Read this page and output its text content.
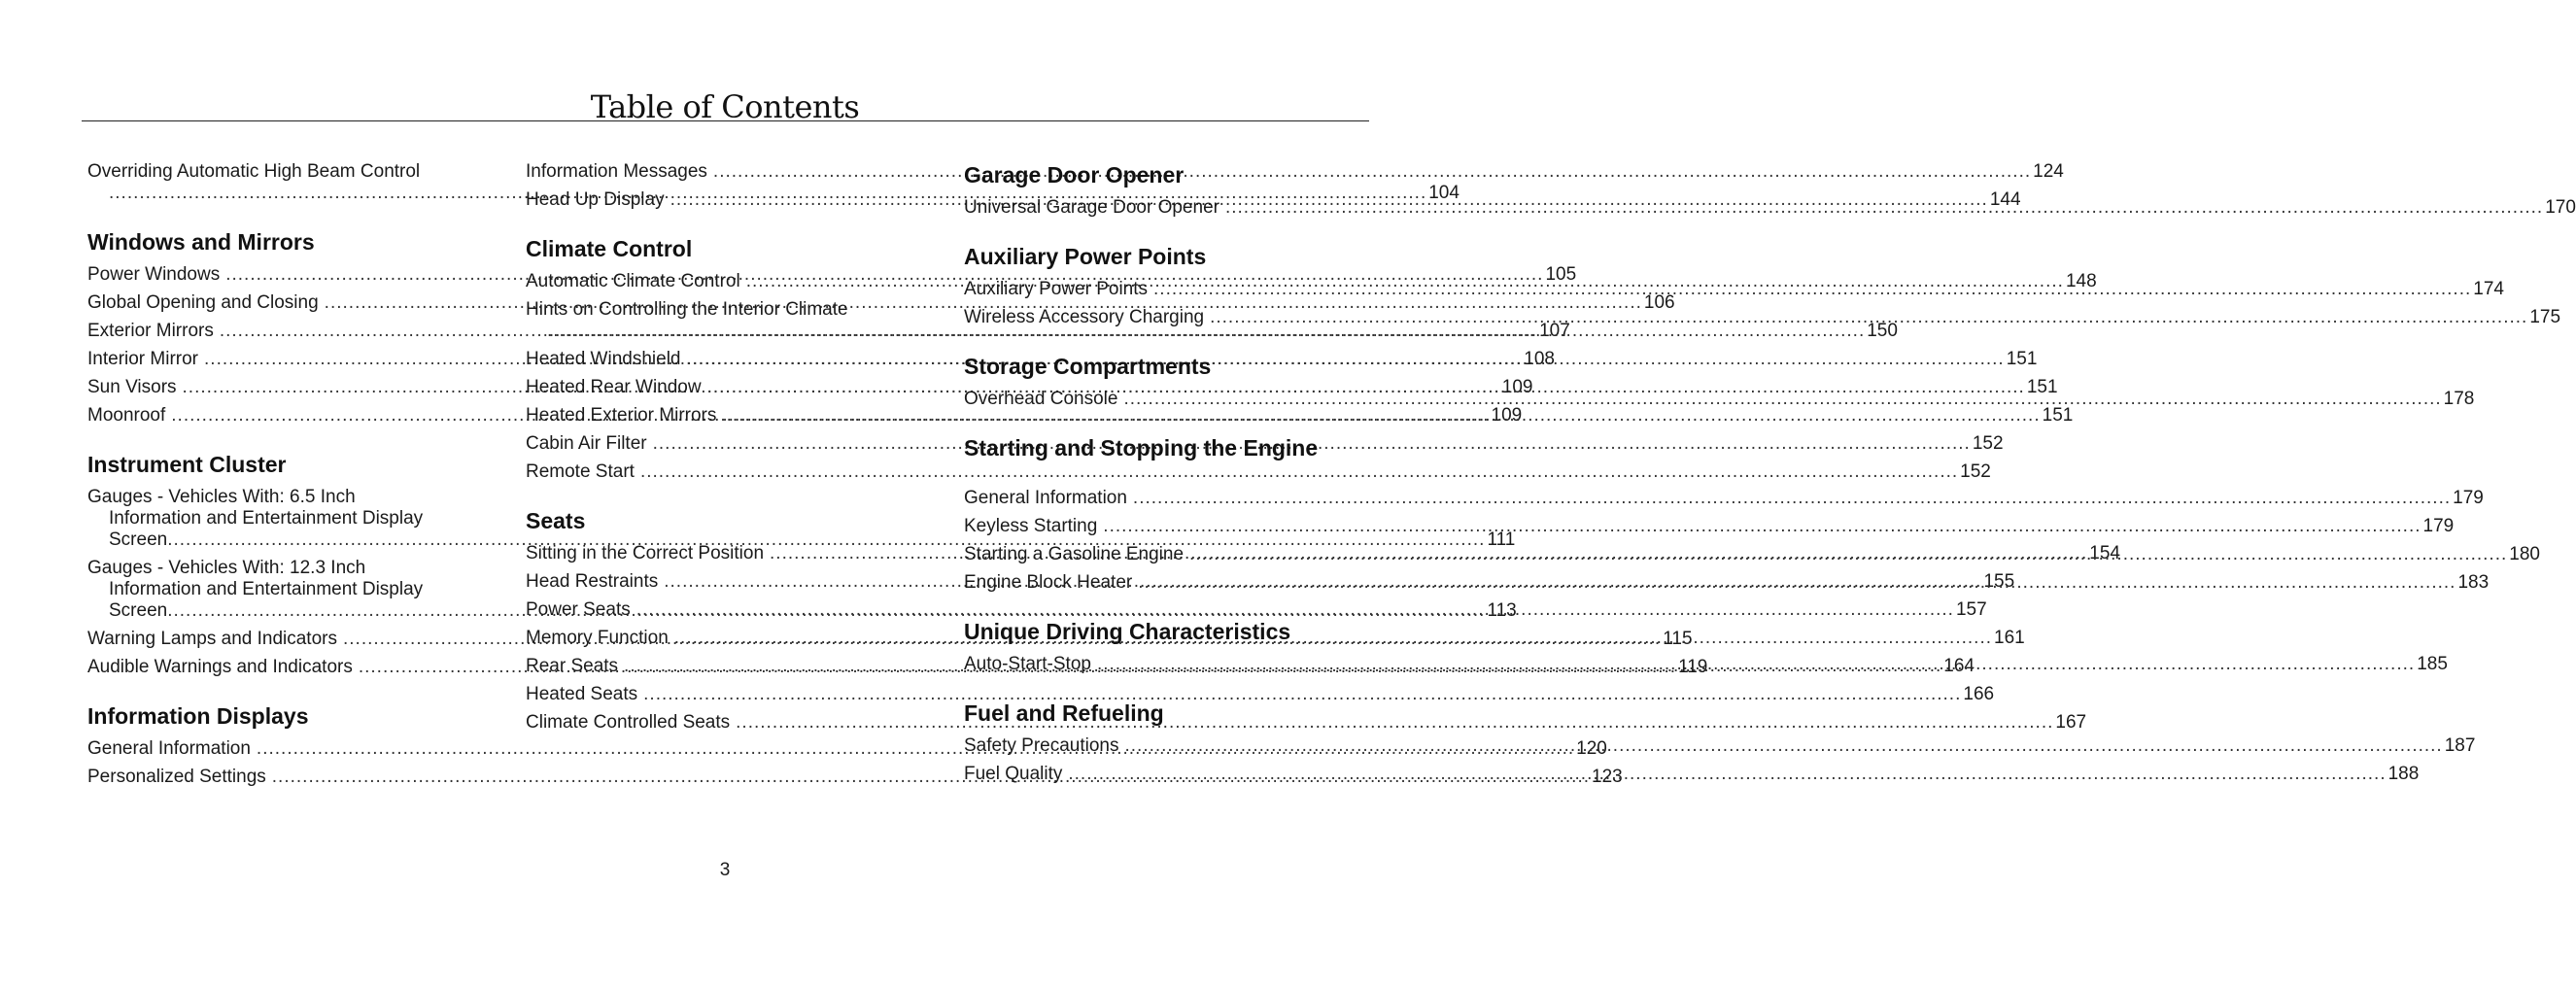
Table of Contents
Overriding Automatic High Beam Control
.....104
Windows and Mirrors
Power Windows .....	105
Global Opening and Closing .....	106
Exterior Mirrors .....	107
Interior Mirror .....	108
Sun Visors .....	109
Moonroof .....	109
Instrument Cluster
Gauges - Vehicles With: 6.5 Inch
Information and Entertainment Display
Screen .....	111
Gauges - Vehicles With: 12.3 Inch
Information and Entertainment Display
Screen .....	113
Warning Lamps and Indicators .....	115
Audible Warnings and Indicators .....	119
Information Displays
General Information .....	120
Personalized Settings .....	123
Information Messages .....	124
Head Up Display .....	144
Climate Control
Automatic Climate Control .....	148
Hints on Controlling the Interior Climate
.....150
Heated Windshield .....	151
Heated Rear Window .....	151
Heated Exterior Mirrors .....	151
Cabin Air Filter .....	152
Remote Start .....	152
Seats
Sitting in the Correct Position .....	154
Head Restraints .....	155
Power Seats .....	157
Memory Function .....	161
Rear Seats .....	164
Heated Seats .....	166
Climate Controlled Seats .....	167
Garage Door Opener
Universal Garage Door Opener .....	170
Auxiliary Power Points
Auxiliary Power Points .....	174
Wireless Accessory Charging .....	175
Storage Compartments
Overhead Console .....	178
Starting and Stopping the Engine
General Information .....	179
Keyless Starting .....	179
Starting a Gasoline Engine .....	180
Engine Block Heater .....	183
Unique Driving Characteristics
Auto-Start-Stop .....	185
Fuel and Refueling
Safety Precautions .....	187
Fuel Quality .....	188
3
